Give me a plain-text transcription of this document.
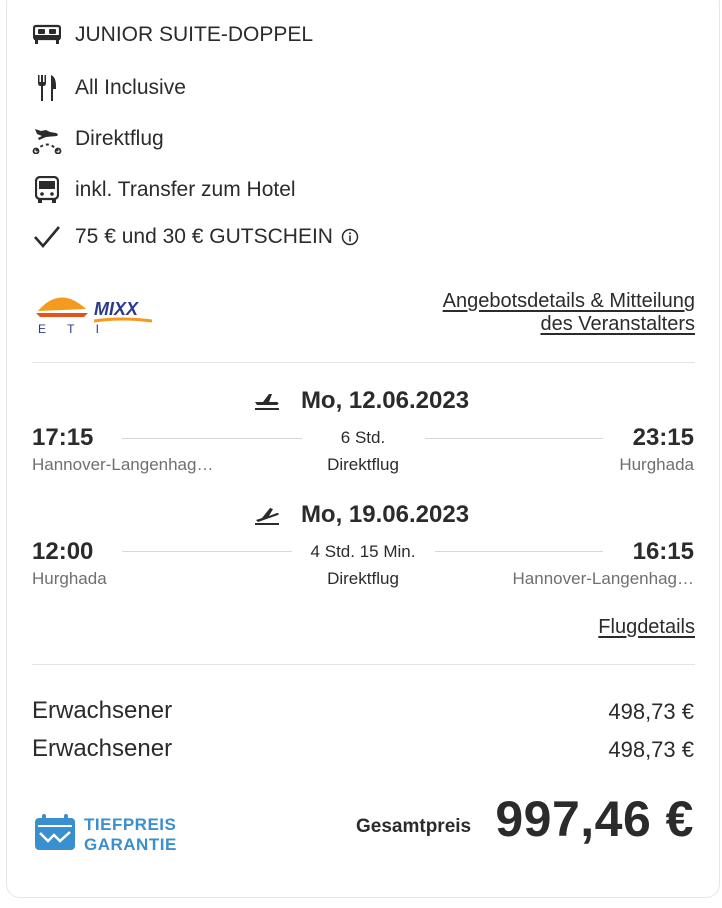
JUNIOR SUITE-DOPPEL
All Inclusive
Direktflug
inkl. Transfer zum Hotel
75 € und 30 € GUTSCHEIN
MIXX
E T I
Angebotsdetails & Mitteilung
des Veranstalters
Mo, 12.06.2023
17:15	6 Std.	23:15
Hannover-Langenhag…	Direktflug	Hurghada
Mo, 19.06.2023
12:00	4 Std. 15 Min.	16:15
Hurghada	Direktflug	Hannover-Langenhag…
Flugdetails
Erwachsener	498,73 €
Erwachsener	498,73 €
TIEFPREIS
GARANTIE
Gesamtpreis 997,46 €
